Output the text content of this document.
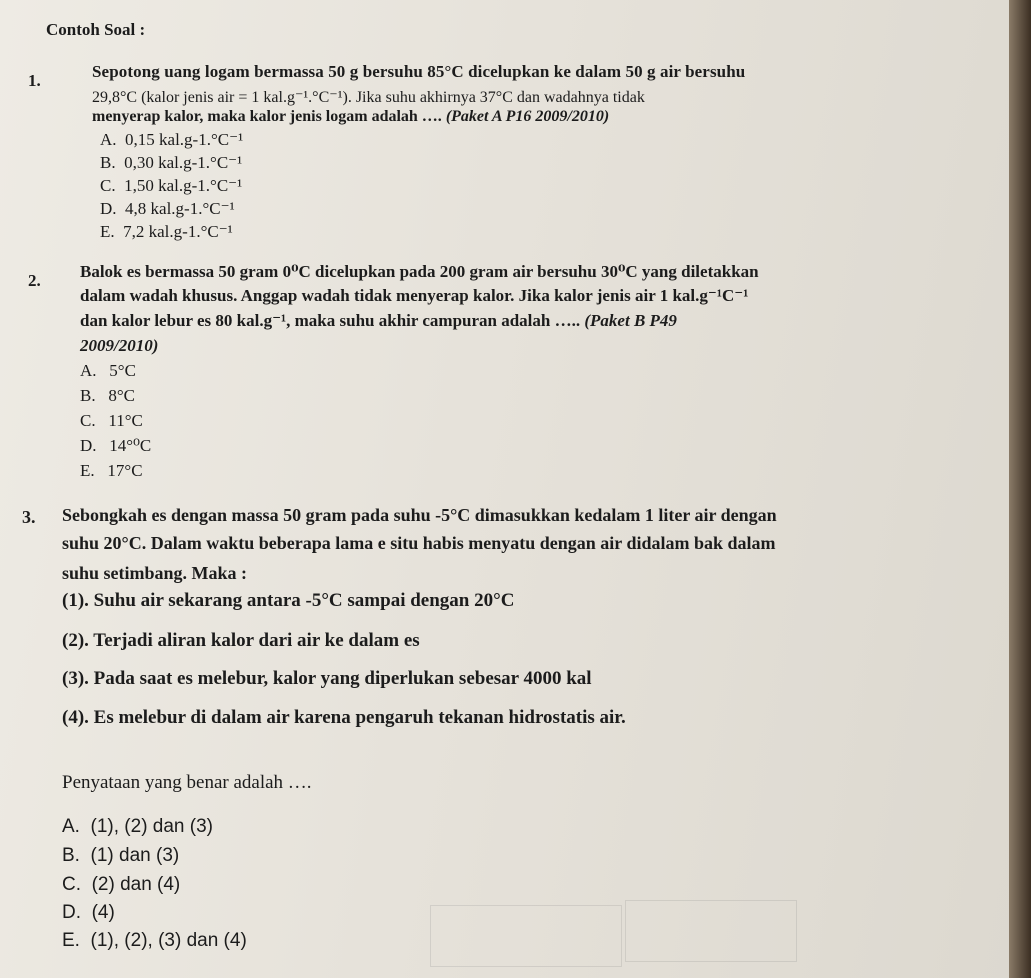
Contoh Soal :
1.	Sepotong uang logam bermassa 50 g bersuhu 85°C dicelupkan ke dalam 50 g air bersuhu
29,8°C (kalor jenis air = 1 kal.g⁻¹.°C⁻¹). Jika suhu akhirnya 37°C dan wadahnya tidak
menyerap kalor, maka kalor jenis logam adalah …. (Paket A P16 2009/2010)
A. 0,15 kal.g-1.°C⁻¹
B. 0,30 kal.g-1.°C⁻¹
C. 1,50 kal.g-1.°C⁻¹
D. 4,8 kal.g-1.°C⁻¹
E. 7,2 kal.g-1.°C⁻¹
2. Balok es bermassa 50 gram 0⁰C dicelupkan pada 200 gram air bersuhu 30⁰C yang diletakkan
dalam wadah khusus. Anggap wadah tidak menyerap kalor. Jika kalor jenis air 1 kal.g⁻¹C⁻¹
dan kalor lebur es 80 kal.g⁻¹, maka suhu akhir campuran adalah ….. (Paket B P49
2009/2010)
A. 5°C
B. 8°C
C. 11°C
D. 14°⁰C
E. 17°C
3. Sebongkah es dengan massa 50 gram pada suhu -5°C dimasukkan kedalam 1 liter air dengan
suhu 20°C. Dalam waktu beberapa lama e situ habis menyatu dengan air didalam bak dalam
suhu setimbang. Maka :
(1). Suhu air sekarang antara -5°C sampai dengan 20°C
(2). Terjadi aliran kalor dari air ke dalam es
(3). Pada saat es melebur, kalor yang diperlukan sebesar 4000 kal
(4). Es melebur di dalam air karena pengaruh tekanan hidrostatis air.
Penyataan yang benar adalah ….
A. (1), (2) dan (3)
B. (1) dan (3)
C. (2) dan (4)
D. (4)
E. (1), (2), (3) dan (4)
